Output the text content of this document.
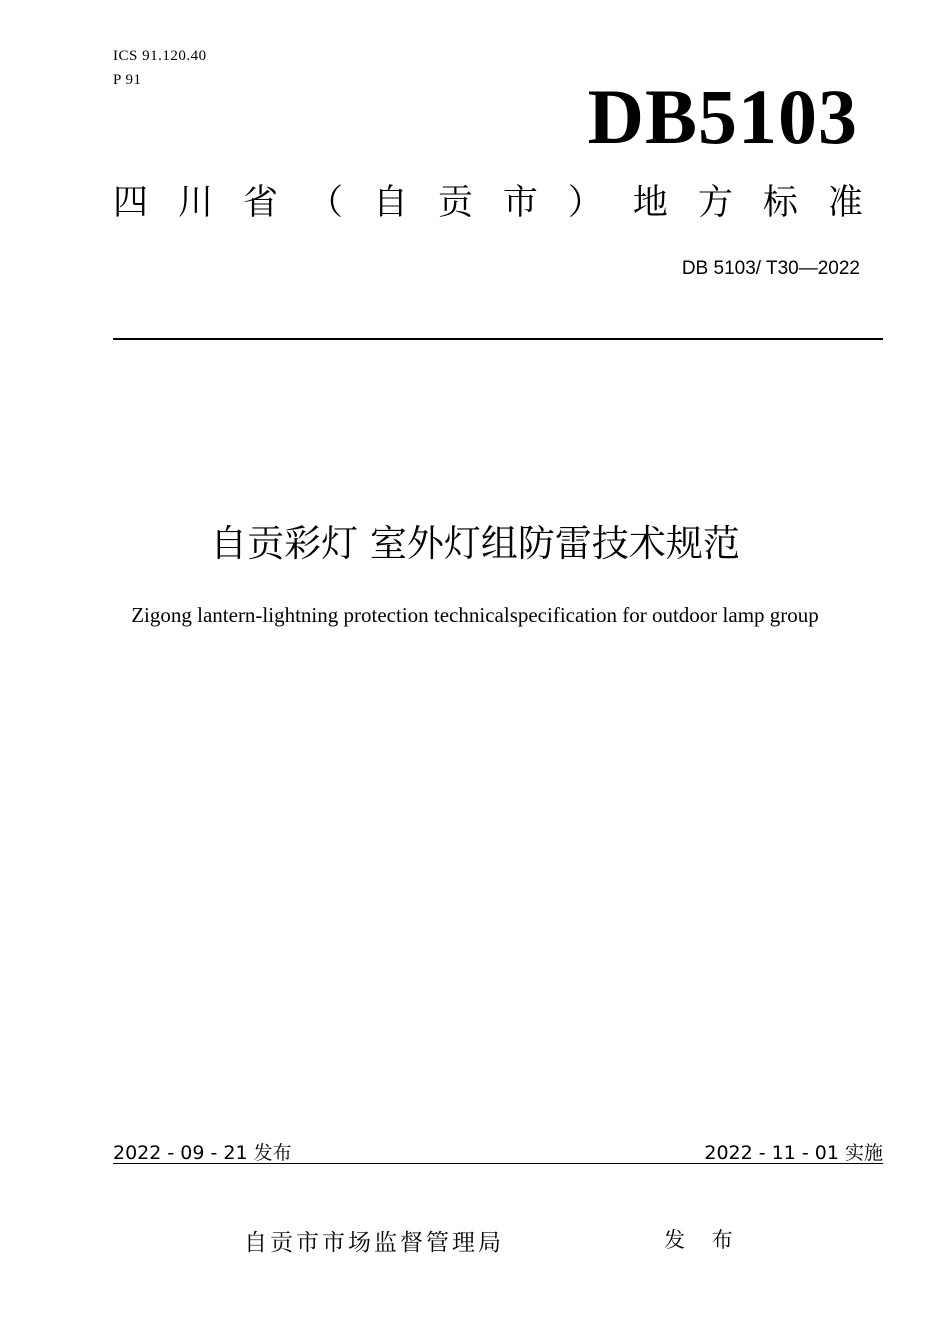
ICS 91.120.40
P 91	DB5103
四 川 省 （ 自 贡 市 ） 地 方 标 准
DB 5103/ T30—2022
自贡彩灯 室外灯组防雷技术规范
Zigong lantern-lightning protection technicalspecification for outdoor lamp group
2022 - 09 - 21 发布	2022 - 11 - 01 实施
自贡市市场监督管理局	发 布
